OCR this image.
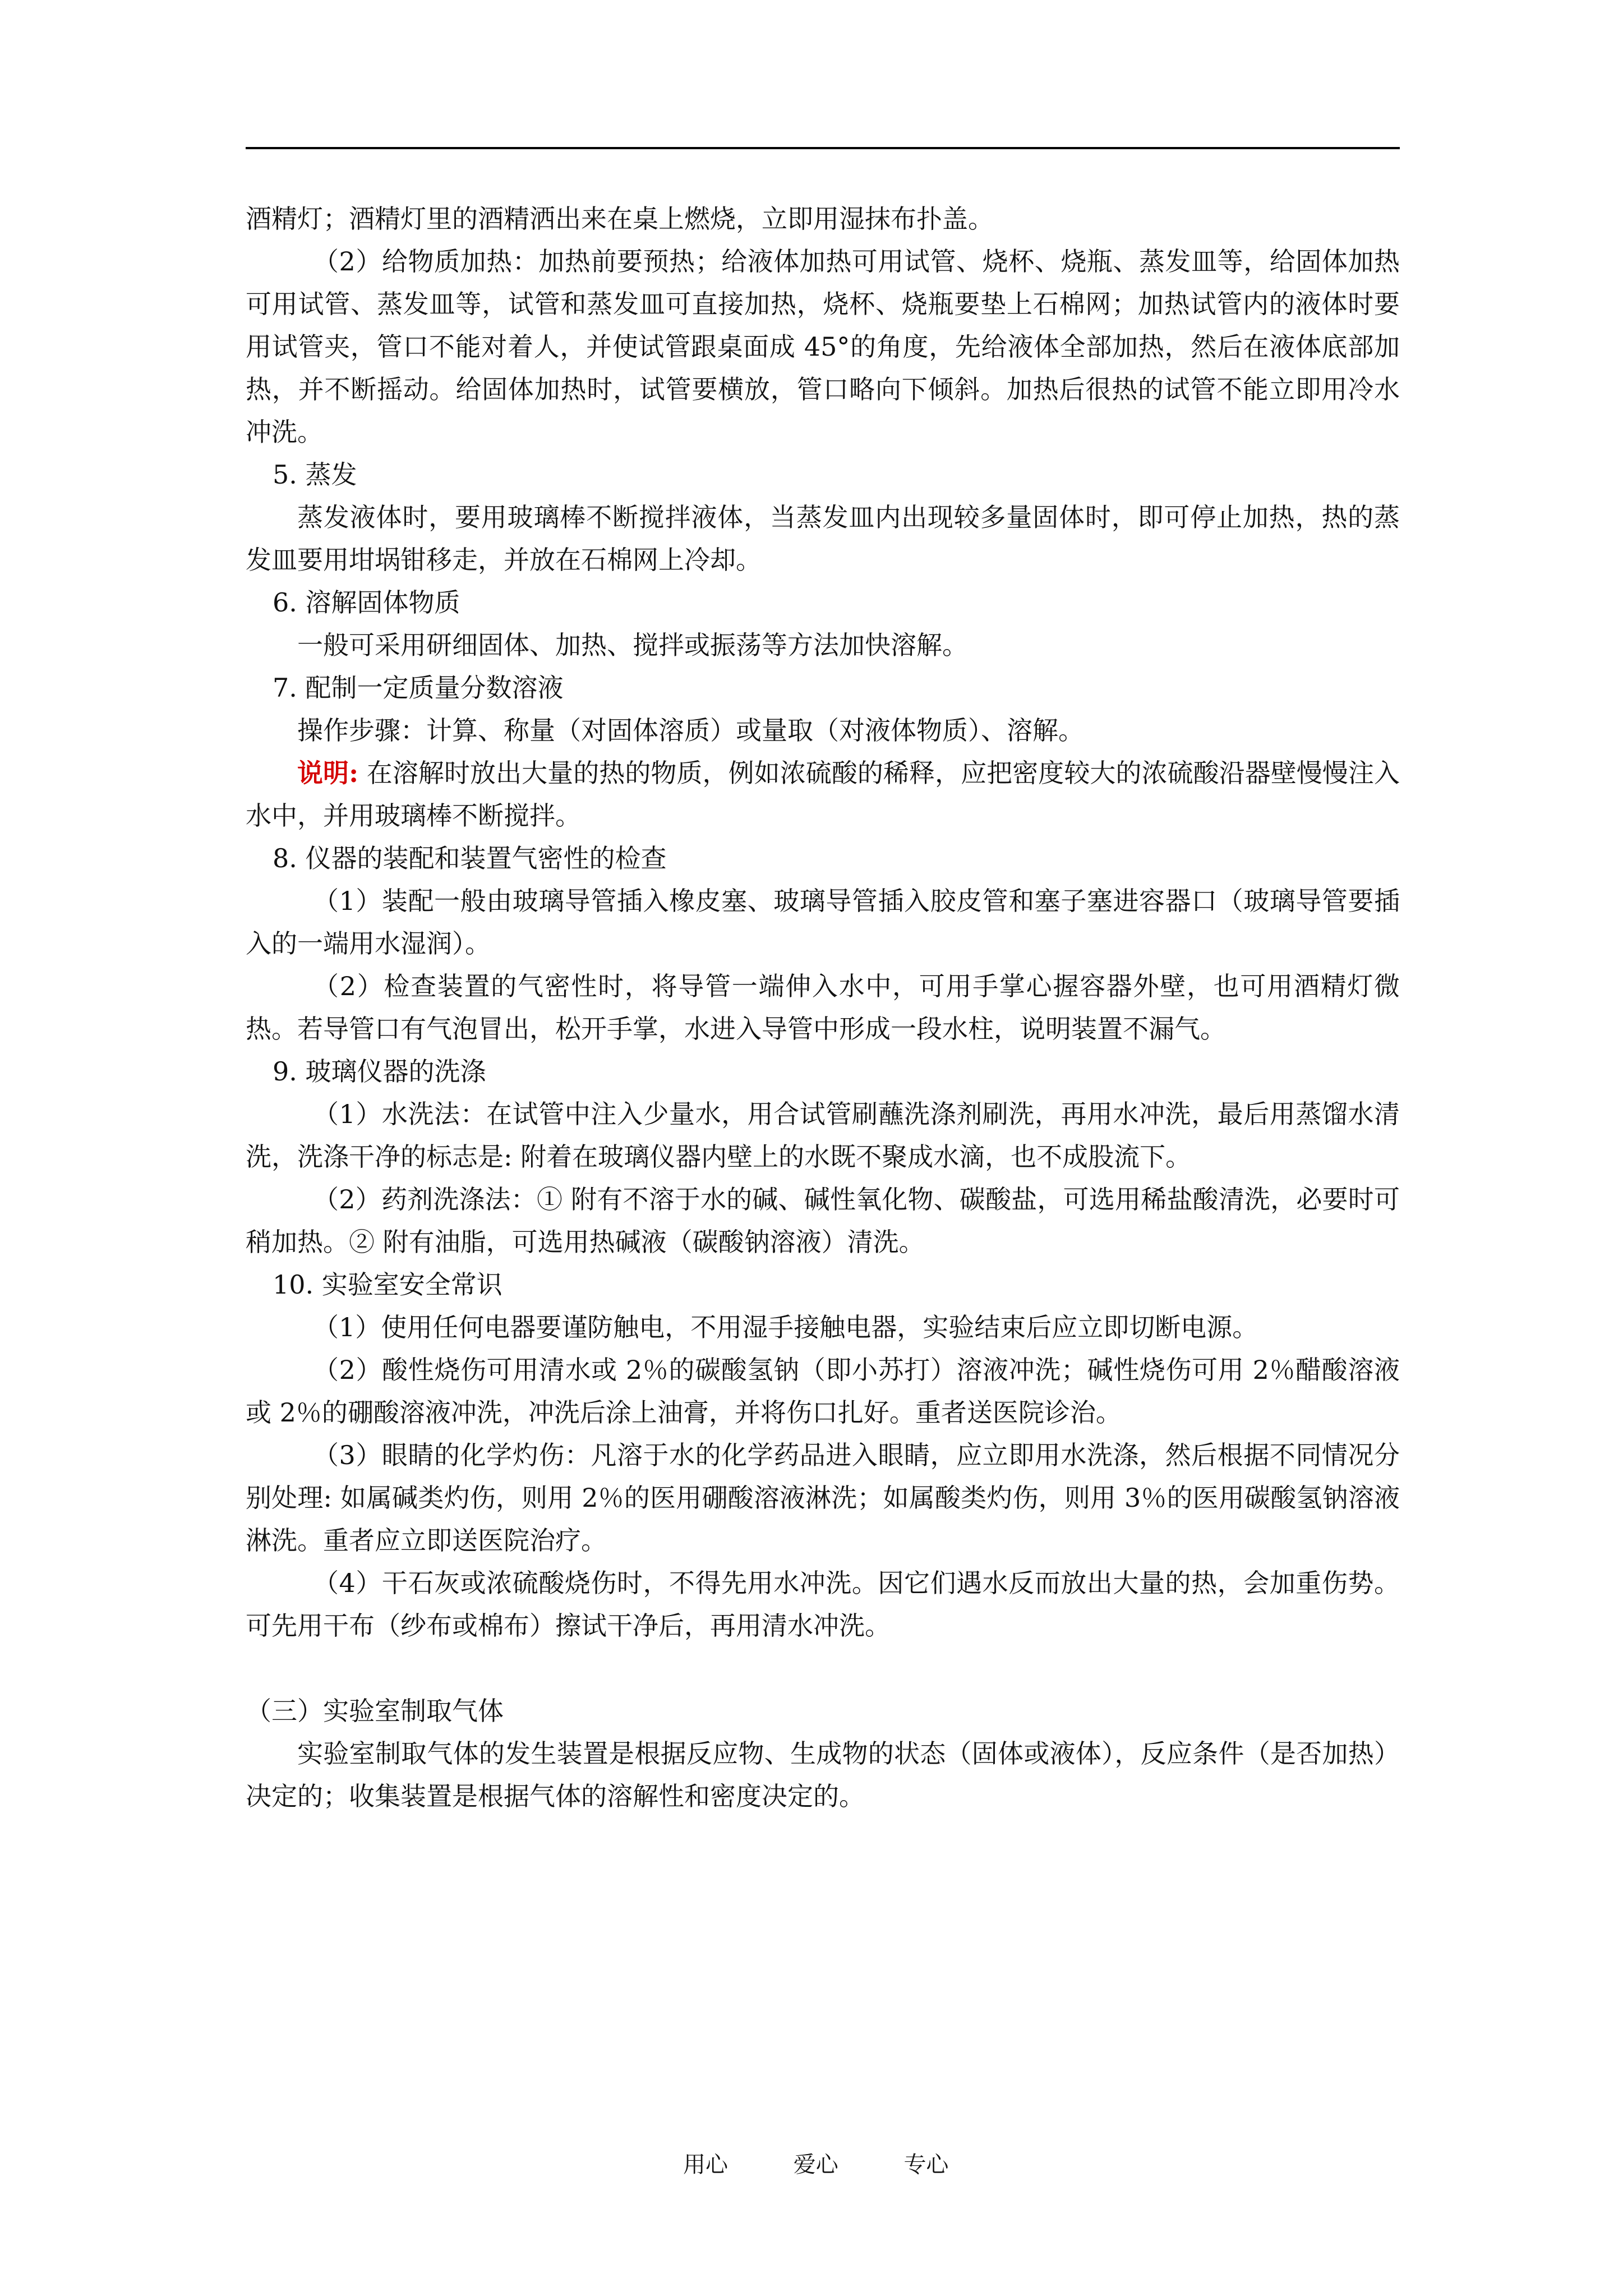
酒精灯；酒精灯里的酒精洒出来在桌上燃烧，立即用湿抹布扑盖。

（2）给物质加热：加热前要预热；给液体加热可用试管、烧杯、烧瓶、蒸发皿等，给固体加热可用试管、蒸发皿等，试管和蒸发皿可直接加热，烧杯、烧瓶要垫上石棉网；加热试管内的液体时要用试管夹，管口不能对着人，并使试管跟桌面成 45°的角度，先给液体全部加热，然后在液体底部加热，并不断摇动。给固体加热时，试管要横放，管口略向下倾斜。加热后很热的试管不能立即用冷水冲洗。

5. 蒸发

蒸发液体时，要用玻璃棒不断搅拌液体，当蒸发皿内出现较多量固体时，即可停止加热，热的蒸发皿要用坩埚钳移走，并放在石棉网上冷却。

6. 溶解固体物质

一般可采用研细固体、加热、搅拌或振荡等方法加快溶解。

7. 配制一定质量分数溶液

操作步骤：计算、称量（对固体溶质）或量取（对液体物质）、溶解。

说明: 在溶解时放出大量的热的物质，例如浓硫酸的稀释，应把密度较大的浓硫酸沿器壁慢慢注入水中，并用玻璃棒不断搅拌。

8. 仪器的装配和装置气密性的检查

（1）装配一般由玻璃导管插入橡皮塞、玻璃导管插入胶皮管和塞子塞进容器口（玻璃导管要插入的一端用水湿润）。

（2）检查装置的气密性时，将导管一端伸入水中，可用手掌心握容器外壁，也可用酒精灯微热。若导管口有气泡冒出，松开手掌，水进入导管中形成一段水柱，说明装置不漏气。

9. 玻璃仪器的洗涤

（1）水洗法：在试管中注入少量水，用合试管刷蘸洗涤剂刷洗，再用水冲洗，最后用蒸馏水清洗，洗涤干净的标志是: 附着在玻璃仪器内壁上的水既不聚成水滴，也不成股流下。

（2）药剂洗涤法：① 附有不溶于水的碱、碱性氧化物、碳酸盐，可选用稀盐酸清洗，必要时可稍加热。② 附有油脂，可选用热碱液（碳酸钠溶液）清洗。

10. 实验室安全常识

（1）使用任何电器要谨防触电，不用湿手接触电器，实验结束后应立即切断电源。

（2）酸性烧伤可用清水或 2％的碳酸氢钠（即小苏打）溶液冲洗；碱性烧伤可用 2％醋酸溶液或 2％的硼酸溶液冲洗，冲洗后涂上油膏，并将伤口扎好。重者送医院诊治。

（3）眼睛的化学灼伤：凡溶于水的化学药品进入眼睛，应立即用水洗涤，然后根据不同情况分别处理: 如属碱类灼伤，则用 2％的医用硼酸溶液淋洗；如属酸类灼伤，则用 3％的医用碳酸氢钠溶液淋洗。重者应立即送医院治疗。

（4）干石灰或浓硫酸烧伤时，不得先用水冲洗。因它们遇水反而放出大量的热，会加重伤势。可先用干布（纱布或棉布）擦试干净后，再用清水冲洗。

（三）实验室制取气体

实验室制取气体的发生装置是根据反应物、生成物的状态（固体或液体），反应条件（是否加热）决定的；收集装置是根据气体的溶解性和密度决定的。

用心	爱心	专心
